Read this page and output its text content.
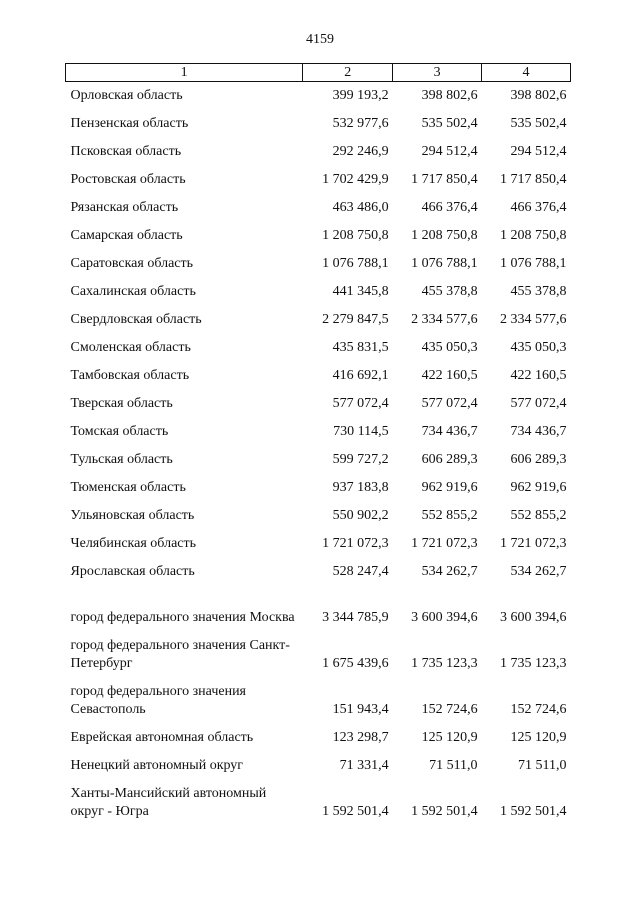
4159
1	2	3	4
Орловская область	399 193,2	398 802,6	398 802,6
Пензенская область	532 977,6	535 502,4	535 502,4
Псковская область	292 246,9	294 512,4	294 512,4
Ростовская область	1 702 429,9	1 717 850,4	1 717 850,4
Рязанская область	463 486,0	466 376,4	466 376,4
Самарская область	1 208 750,8	1 208 750,8	1 208 750,8
Саратовская область	1 076 788,1	1 076 788,1	1 076 788,1
Сахалинская область	441 345,8	455 378,8	455 378,8
Свердловская область	2 279 847,5	2 334 577,6	2 334 577,6
Смоленская область	435 831,5	435 050,3	435 050,3
Тамбовская область	416 692,1	422 160,5	422 160,5
Тверская область	577 072,4	577 072,4	577 072,4
Томская область	730 114,5	734 436,7	734 436,7
Тульская область	599 727,2	606 289,3	606 289,3
Тюменская область	937 183,8	962 919,6	962 919,6
Ульяновская область	550 902,2	552 855,2	552 855,2
Челябинская область	1 721 072,3	1 721 072,3	1 721 072,3
Ярославская область	528 247,4	534 262,7	534 262,7
город федерального значения Москва	3 344 785,9	3 600 394,6	3 600 394,6
город федерального значения Санкт-Петербург	1 675 439,6	1 735 123,3	1 735 123,3
город федерального значения Севастополь	151 943,4	152 724,6	152 724,6
Еврейская автономная область	123 298,7	125 120,9	125 120,9
Ненецкий автономный округ	71 331,4	71 511,0	71 511,0
Ханты-Мансийский автономный округ - Югра	1 592 501,4	1 592 501,4	1 592 501,4
